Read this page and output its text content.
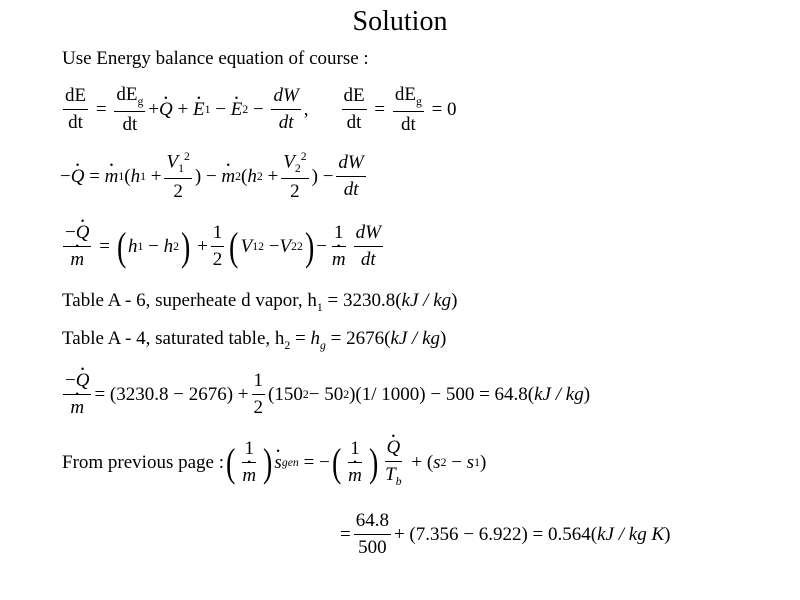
Solution
Use Energy balance equation of course :
$\frac{dE}{dt} = \frac{dE_g}{dt} + Q$ · + $E \cdot 1 - E \cdot 2 - \frac{dW}{dt}$ , $\frac{dE}{dt} = \frac{dE_g}{dt} = 0$
− Q · = m · 1 ( h $1 + \frac{V_1^2}{2}$ ) − m · 2 ( h $2 + \frac{V_2^2}{2}$ ) − $\frac{dW}{dt}$
$\frac{-Q \cdot}{m}$ · = ( h 1 − h 2 ) + $\frac{1}{2}$ ( V 1 2 − V 2 2 ) − $\frac{1}{m} \cdot \frac{dW}{dt}$
Table A - 6, superheate d vapor, $h_1 = 3230.8(kJ / kg)$
Table A - 4, saturated table, $h_2 = h_g = 2676(kJ / kg)$
$\frac{-Q \cdot}{m}$ · = $(3230.8 - 2676) + \frac{1}{2} (150$ 2 − 50 2 )(1/ 1000) − 500 = 64.8( kJ / kg )
From previous page : ( $\frac{1}{m}$ · ) s · gen = − ( $\frac{1}{m}$ · ) $\frac{Q \cdot}{T_b}$ + ( s 2 − s 1 )
= $\frac{64.8}{500} + (7.356 - 6.922) = 0.564$( kJ / kg K )
